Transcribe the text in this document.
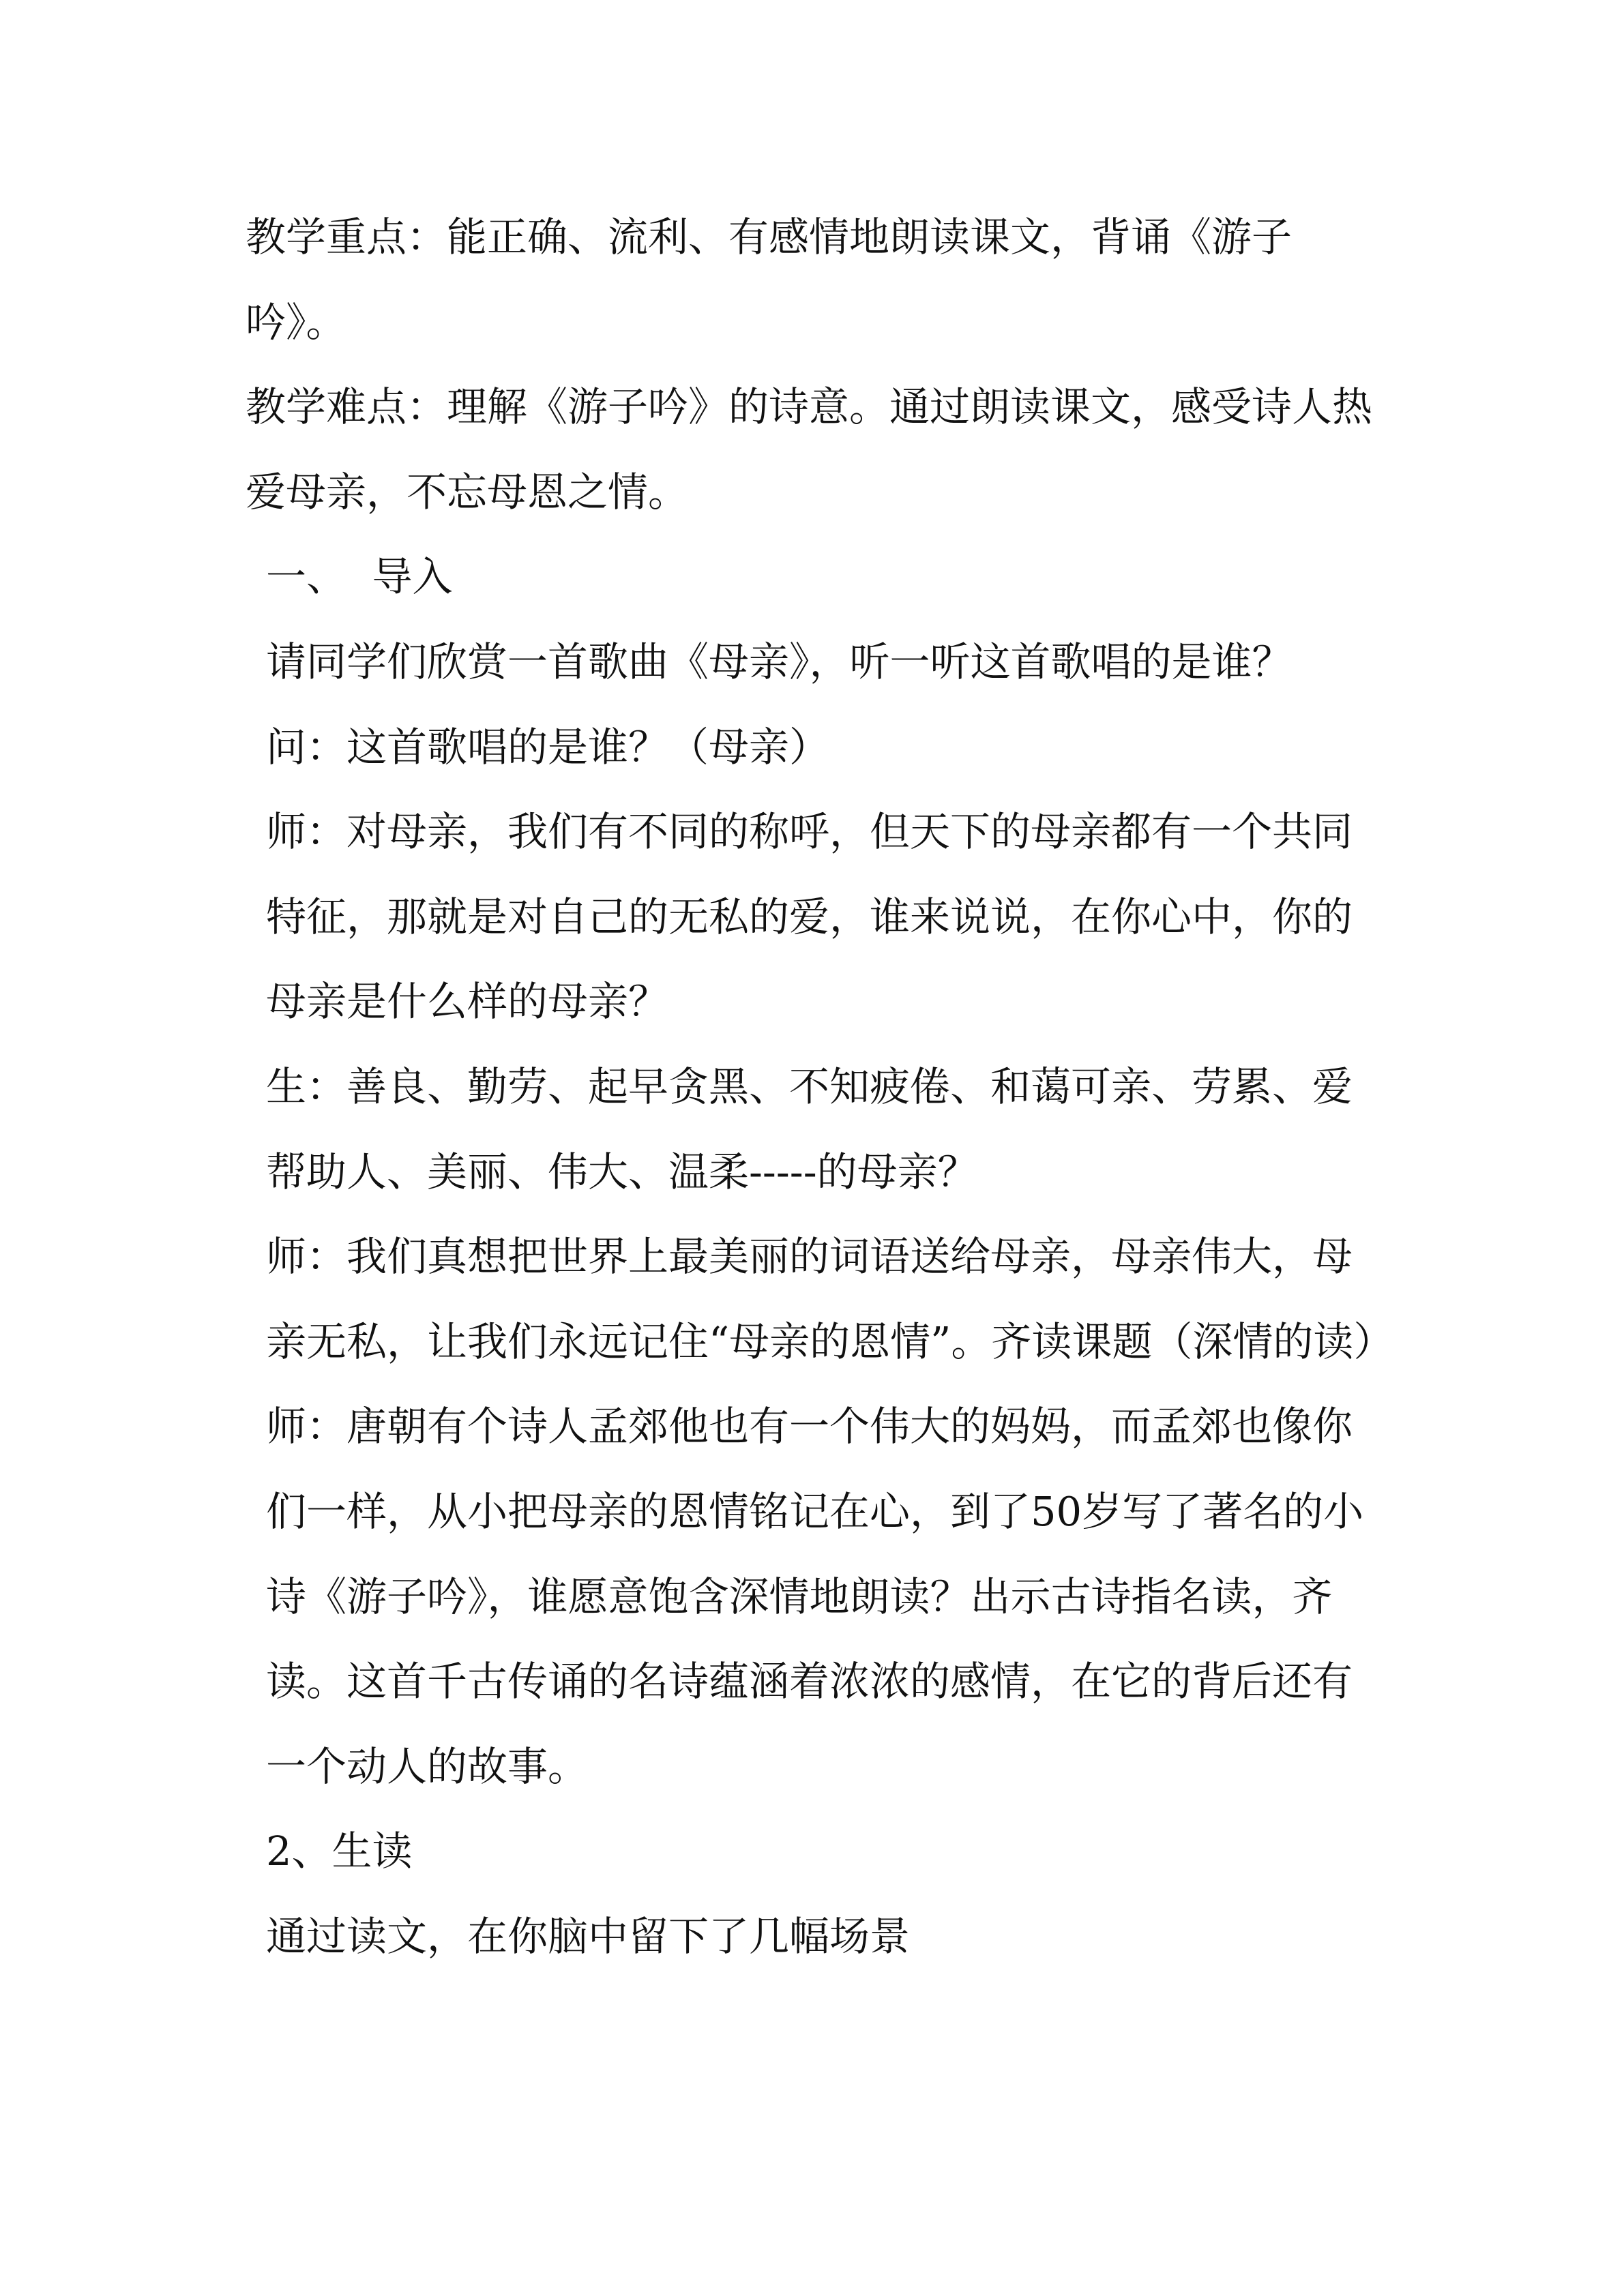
教学重点：能正确、流利、有感情地朗读课文，背诵《游子吟》。

教学难点：理解《游子吟》的诗意。通过朗读课文，感受诗人热爱母亲，不忘母恩之情。

一、  导入

请同学们欣赏一首歌曲《母亲》，听一听这首歌唱的是谁？

问：这首歌唱的是谁？（母亲）

师：对母亲，我们有不同的称呼，但天下的母亲都有一个共同特征，那就是对自己的无私的爱，谁来说说，在你心中，你的母亲是什么样的母亲？

生：善良、勤劳、起早贪黑、不知疲倦、和蔼可亲、劳累、爱帮助人、美丽、伟大、温柔-----的母亲？

师：我们真想把世界上最美丽的词语送给母亲，母亲伟大，母亲无私，让我们永远记住“母亲的恩情”。齐读课题（深情的读）

师：唐朝有个诗人孟郊他也有一个伟大的妈妈，而孟郊也像你们一样，从小把母亲的恩情铭记在心，到了50岁写了著名的小诗《游子吟》，谁愿意饱含深情地朗读？出示古诗指名读，齐读。这首千古传诵的名诗蕴涵着浓浓的感情，在它的背后还有一个动人的故事。

2、生读

通过读文，在你脑中留下了几幅场景
